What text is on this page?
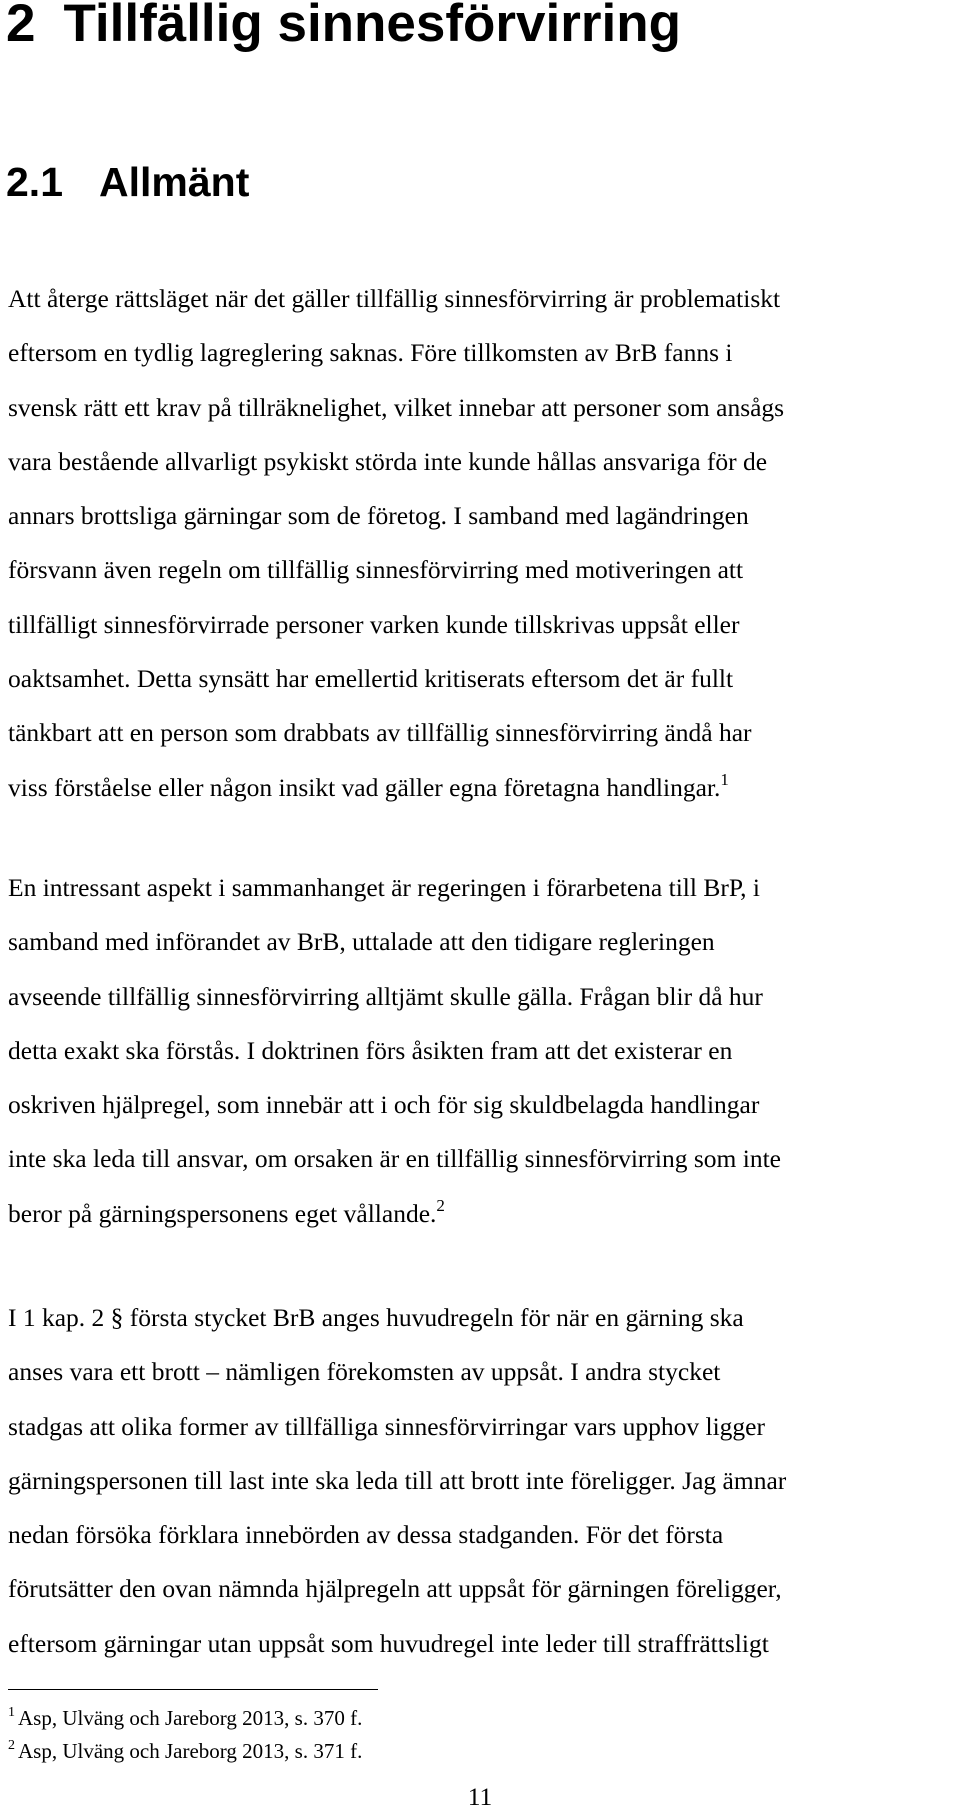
2 Tillfällig sinnesförvirring
2.1 Allmänt
Att återge rättsläget när det gäller tillfällig sinnesförvirring är problematiskt
eftersom en tydlig lagreglering saknas. Före tillkomsten av BrB fanns i
svensk rätt ett krav på tillräknelighet, vilket innebar att personer som ansågs
vara bestående allvarligt psykiskt störda inte kunde hållas ansvariga för de
annars brottsliga gärningar som de företog. I samband med lagändringen
försvann även regeln om tillfällig sinnesförvirring med motiveringen att
tillfälligt sinnesförvirrade personer varken kunde tillskrivas uppsåt eller
oaktsamhet. Detta synsätt har emellertid kritiserats eftersom det är fullt
tänkbart att en person som drabbats av tillfällig sinnesförvirring ändå har
viss förståelse eller någon insikt vad gäller egna företagna handlingar.$^1$
En intressant aspekt i sammanhanget är regeringen i förarbetena till BrP, i
samband med införandet av BrB, uttalade att den tidigare regleringen
avseende tillfällig sinnesförvirring alltjämt skulle gälla. Frågan blir då hur
detta exakt ska förstås. I doktrinen förs åsikten fram att det existerar en
oskriven hjälpregel, som innebär att i och för sig skuldbelagda handlingar
inte ska leda till ansvar, om orsaken är en tillfällig sinnesförvirring som inte
beror på gärningspersonens eget vållande.$^2$
I 1 kap. 2 § första stycket BrB anges huvudregeln för när en gärning ska
anses vara ett brott – nämligen förekomsten av uppsåt. I andra stycket
stadgas att olika former av tillfälliga sinnesförvirringar vars upphov ligger
gärningspersonen till last inte ska leda till att brott inte föreligger. Jag ämnar
nedan försöka förklara innebörden av dessa stadganden. För det första
förutsätter den ovan nämnda hjälpregeln att uppsåt för gärningen föreligger,
eftersom gärningar utan uppsåt som huvudregel inte leder till straffrättsligt
$^1$ Asp, Ulväng och Jareborg 2013, s. 370 f.
$^2$ Asp, Ulväng och Jareborg 2013, s. 371 f.
11
